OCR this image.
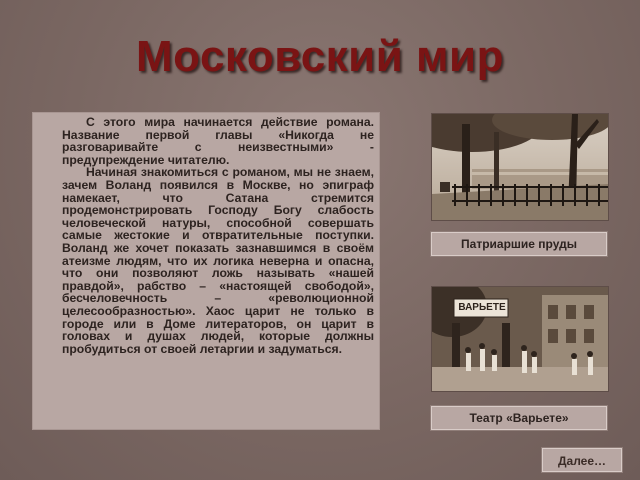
Московский мир

С этого мира начинается действие романа. Название первой главы «Никогда не разговаривайте с неизвестными» - предупреждение читателю.

Начиная знакомиться с романом, мы не знаем, зачем Воланд появился в Москве, но эпиграф намекает, что Сатана стремится продемонстрировать Господу Богу слабость человеческой натуры, способной совершать самые жестокие и отвратительные поступки. Воланд же хочет показать зазнавшимся в своём атеизме людям, что их логика неверна и опасна, что они позволяют ложь называть «нашей правдой», рабство – «настоящей свободой», бесчеловечность – «революционной целесообразностью». Хаос царит не только в городе или в Доме литераторов, он царит в головах и душах людей, которые должны пробудиться от своей летаргии и задуматься.

Патриаршие пруды
ВАРЬЕТЕ
Театр «Варьете»
Далее…
